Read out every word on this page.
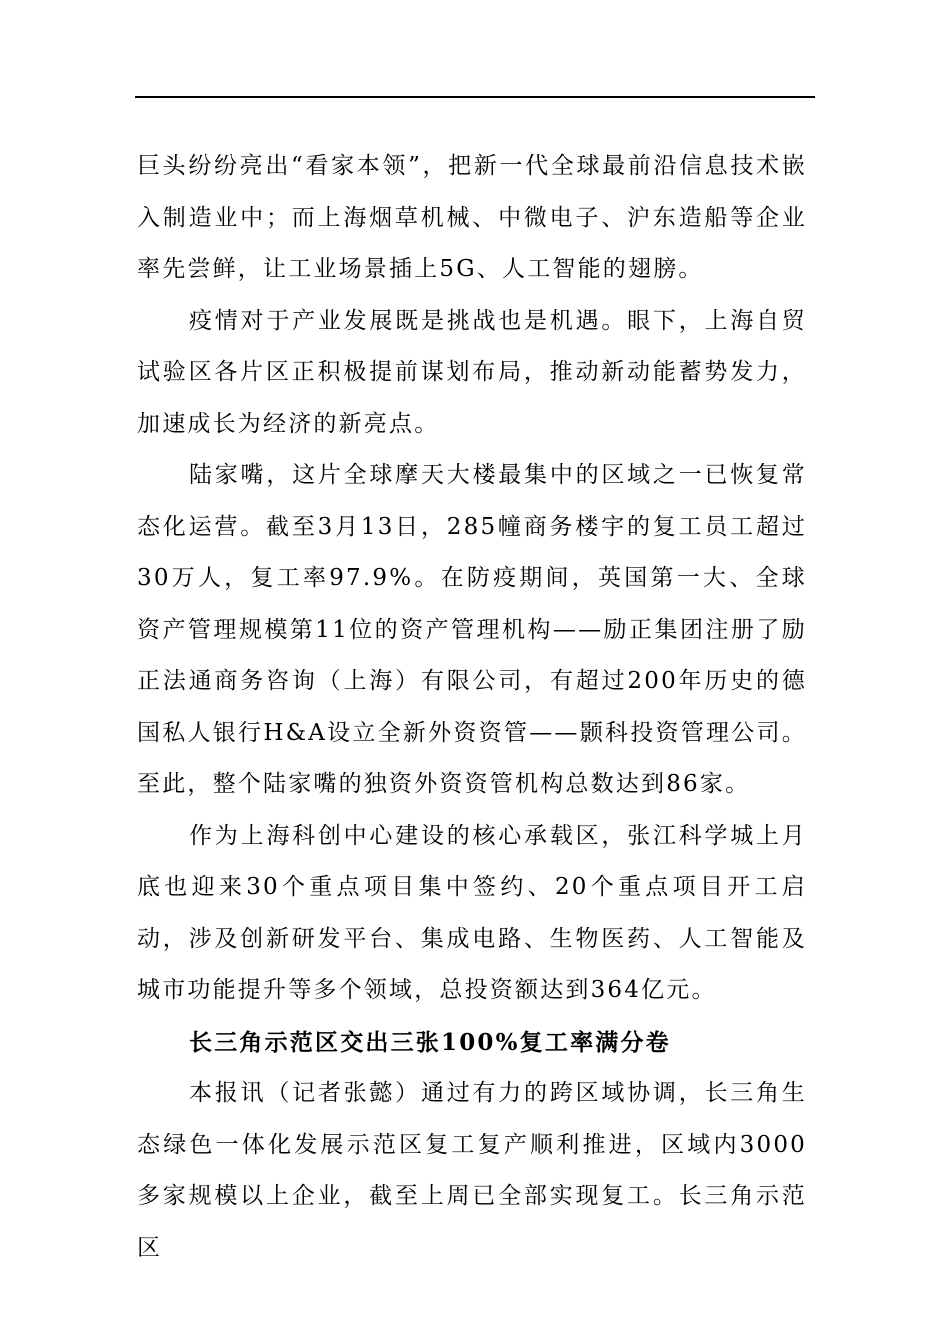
巨头纷纷亮出“看家本领”，把新一代全球最前沿信息技术嵌入制造业中；而上海烟草机械、中微电子、沪东造船等企业率先尝鲜，让工业场景插上5G、人工智能的翅膀。

疫情对于产业发展既是挑战也是机遇。眼下，上海自贸试验区各片区正积极提前谋划布局，推动新动能蓄势发力，加速成长为经济的新亮点。

陆家嘴，这片全球摩天大楼最集中的区域之一已恢复常态化运营。截至3月13日，285幢商务楼宇的复工员工超过30万人，复工率97.9%。在防疫期间，英国第一大、全球资产管理规模第11位的资产管理机构——励正集团注册了励正法通商务咨询（上海）有限公司，有超过200年历史的德国私人银行H&A设立全新外资资管——颢科投资管理公司。至此，整个陆家嘴的独资外资资管机构总数达到86家。

作为上海科创中心建设的核心承载区，张江科学城上月底也迎来30个重点项目集中签约、20个重点项目开工启动，涉及创新研发平台、集成电路、生物医药、人工智能及城市功能提升等多个领域，总投资额达到364亿元。

长三角示范区交出三张100%复工率满分卷

本报讯（记者张懿）通过有力的跨区域协调，长三角生态绿色一体化发展示范区复工复产顺利推进，区域内3000多家规模以上企业，截至上周已全部实现复工。长三角示范区
